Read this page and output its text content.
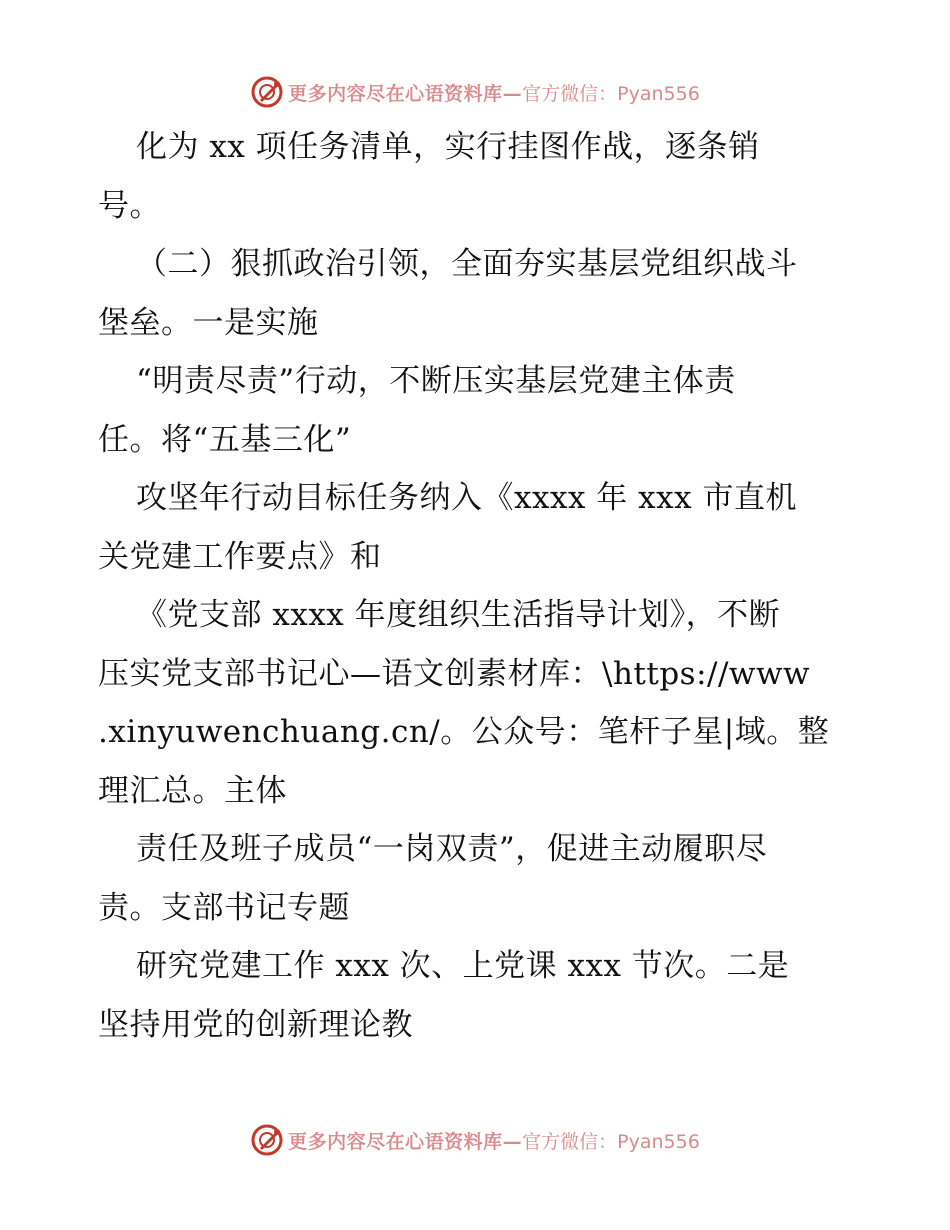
更多内容尽在心语资料库— 官方微信：Pyan556
化为 xx 项任务清单，实行挂图作战，逐条销
号。
（二）狠抓政治引领，全面夯实基层党组织战斗
堡垒。一是实施
“明责尽责”行动，不断压实基层党建主体责
任。将“五基三化”
攻坚年行动目标任务纳入《xxxx 年 xxx 市直机
关党建工作要点》和
《党支部 xxxx 年度组织生活指导计划》，不断
压实党支部书记心—语文创素材库：\https://www
.xinyuwenchuang.cn/。公众号：笔杆子星|域。整
理汇总。主体
责任及班子成员“一岗双责”，促进主动履职尽
责。支部书记专题
研究党建工作 xxx 次、上党课 xxx 节次。二是
坚持用党的创新理论教
更多内容尽在心语资料库— 官方微信：Pyan556
